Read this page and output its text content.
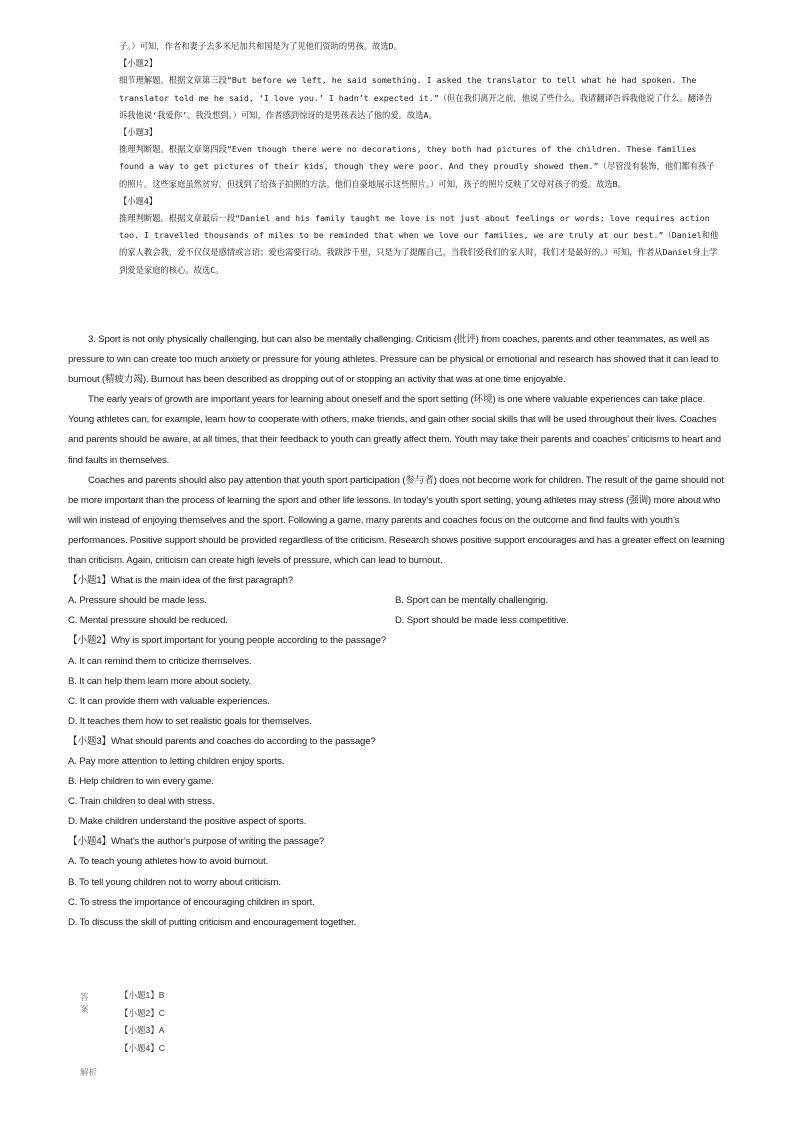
子。）可知，作者和妻子去多米尼加共和国是为了见他们资助的男孩。故选D。

【小题2】

细节理解题。根据文章第三段“But before we left, he said something. I asked the translator to tell what he had spoken. The translator told me he said, ‘I love you.’ I hadn’t expected it.”（但在我们离开之前，他说了些什么。我请翻译告诉我他说了什么。翻译告诉我他说‘我爱你’。我没想到。）可知，作者感到惊讶的是男孩表达了他的爱。故选A。

【小题3】

推理判断题。根据文章第四段“Even though there were no decorations, they both had pictures of the children. These families found a way to get pictures of their kids, though they were poor. And they proudly showed them.”（尽管没有装饰，他们都有孩子的照片。这些家庭虽然贫穷，但找到了给孩子拍照的方法。他们自豪地展示这些照片。）可知，孩子的照片反映了父母对孩子的爱。故选B。

【小题4】

推理判断题。根据文章最后一段“Daniel and his family taught me love is not just about feelings or words; love requires action too. I travelled thousands of miles to be reminded that when we love our families, we are truly at our best.”（Daniel和他的家人教会我，爱不仅仅是感情或言语；爱也需要行动。我跋涉千里，只是为了提醒自己，当我们爱我们的家人时，我们才是最好的。）可知，作者从Daniel身上学到爱是家庭的核心。故选C。

3. Sport is not only physically challenging, but can also be mentally challenging. Criticism (批评) from coaches, parents and other teammates, as well as pressure to win can create too much anxiety or pressure for young athletes. Pressure can be physical or emotional and research has showed that it can lead to burnout (精疲力竭). Burnout has been described as dropping out of or stopping an activity that was at one time enjoyable.

The early years of growth are important years for learning about oneself and the sport setting (环境) is one where valuable experiences can take place. Young athletes can, for example, learn how to cooperate with others, make friends, and gain other social skills that will be used throughout their lives. Coaches and parents should be aware, at all times, that their feedback to youth can greatly affect them. Youth may take their parents and coaches’ criticisms to heart and find faults in themselves.

Coaches and parents should also pay attention that youth sport participation (参与者) does not become work for children. The result of the game should not be more important than the process of learning the sport and other life lessons. In today’s youth sport setting, young athletes may stress (强调) more about who will win instead of enjoying themselves and the sport. Following a game, many parents and coaches focus on the outcome and find faults with youth’s performances. Positive support should be provided regardless of the criticism. Research shows positive support encourages and has a greater effect on learning than criticism. Again, criticism can create high levels of pressure, which can lead to burnout.

【小题1】What is the main idea of the first paragraph?

A. Pressure should be made less.	B. Sport can be mentally challenging.
C. Mental pressure should be reduced.	D. Sport should be made less competitive.

【小题2】Why is sport important for young people according to the passage?

A. It can remind them to criticize themselves.

B. It can help them learn more about society.

C. It can provide them with valuable experiences.

D. It teaches them how to set realistic goals for themselves.

【小题3】What should parents and coaches do according to the passage?

A. Pay more attention to letting children enjoy sports.

B. Help children to win every game.

C. Train children to deal with stress.

D. Make children understand the positive aspect of sports.

【小题4】What’s the author’s purpose of writing the passage?

A. To teach young athletes how to avoid burnout.

B. To tell young children not to worry about criticism.

C. To stress the importance of encouraging children in sport.

D. To discuss the skill of putting criticism and encouragement together.

答案
【小题1】B
【小题2】C
【小题3】A
【小题4】C
解析
